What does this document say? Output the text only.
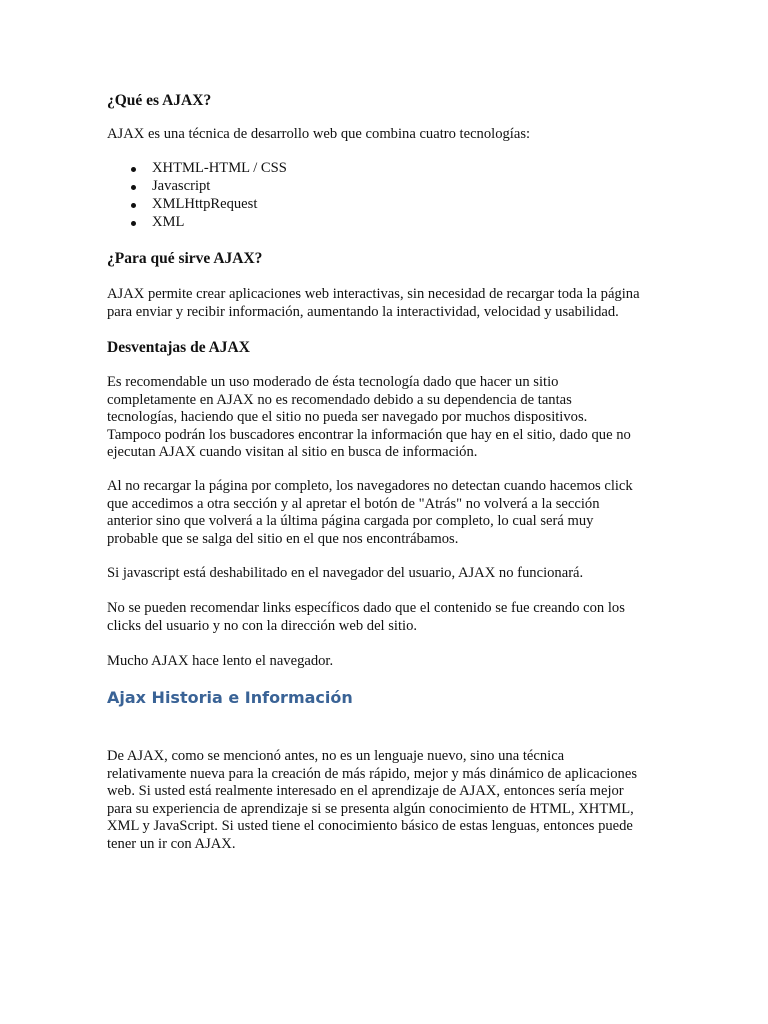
¿Qué es AJAX?
AJAX es una técnica de desarrollo web que combina cuatro tecnologías:
XHTML-HTML / CSS
Javascript
XMLHttpRequest
XML
¿Para qué sirve AJAX?
AJAX permite crear aplicaciones web interactivas, sin necesidad de recargar toda la página
para enviar y recibir información, aumentando la interactividad, velocidad y usabilidad.
Desventajas de AJAX
Es recomendable un uso moderado de ésta tecnología dado que hacer un sitio
completamente en AJAX no es recomendado debido a su dependencia de tantas
tecnologías, haciendo que el sitio no pueda ser navegado por muchos dispositivos.
Tampoco podrán los buscadores encontrar la información que hay en el sitio, dado que no
ejecutan AJAX cuando visitan al sitio en busca de información.
Al no recargar la página por completo, los navegadores no detectan cuando hacemos click
que accedimos a otra sección y al apretar el botón de "Atrás" no volverá a la sección
anterior sino que volverá a la última página cargada por completo, lo cual será muy
probable que se salga del sitio en el que nos encontrábamos.
Si javascript está deshabilitado en el navegador del usuario, AJAX no funcionará.
No se pueden recomendar links específicos dado que el contenido se fue creando con los
clicks del usuario y no con la dirección web del sitio.
Mucho AJAX hace lento el navegador.
Ajax Historia e Información
De AJAX, como se mencionó antes, no es un lenguaje nuevo, sino una técnica
relativamente nueva para la creación de más rápido, mejor y más dinámico de aplicaciones
web. Si usted está realmente interesado en el aprendizaje de AJAX, entonces sería mejor
para su experiencia de aprendizaje si se presenta algún conocimiento de HTML, XHTML,
XML y JavaScript. Si usted tiene el conocimiento básico de estas lenguas, entonces puede
tener un ir con AJAX.
